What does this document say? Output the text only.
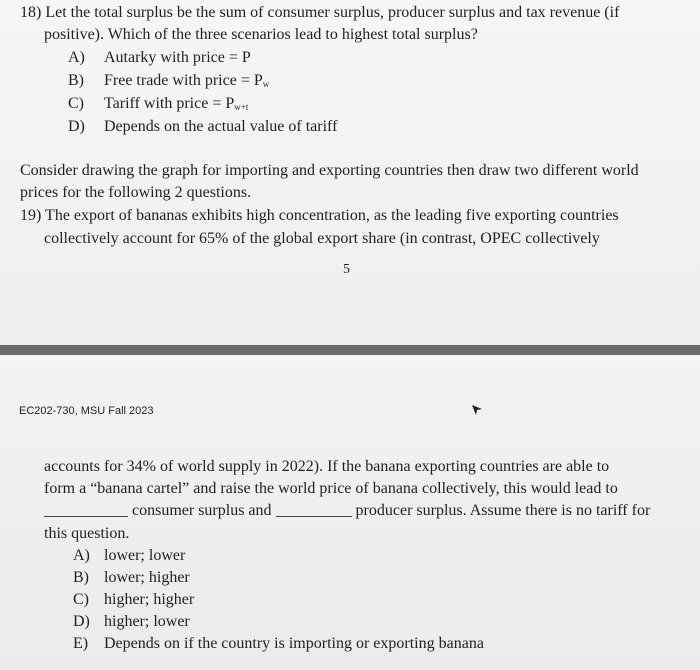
18) Let the total surplus be the sum of consumer surplus, producer surplus and tax revenue (if
positive). Which of the three scenarios lead to highest total surplus?
A) Autarky with price = P
B) Free trade with price = $P_w$
C) Tariff with price = $P_{w+t}$
D) Depends on the actual value of tariff
Consider drawing the graph for importing and exporting countries then draw two different world
prices for the following 2 questions.
19) The export of bananas exhibits high concentration, as the leading five exporting countries
collectively account for 65% of the global export share (in contrast, OPEC collectively
5
EC202-730, MSU Fall 2023
accounts for 34% of world supply in 2022). If the banana exporting countries are able to
form a “banana cartel” and raise the world price of banana collectively, this would lead to
consumer surplus and	producer surplus. Assume there is no tariff for
this question.
A) lower; lower
B) lower; higher
C) higher; higher
D) higher; lower
E) Depends on if the country is importing or exporting banana
